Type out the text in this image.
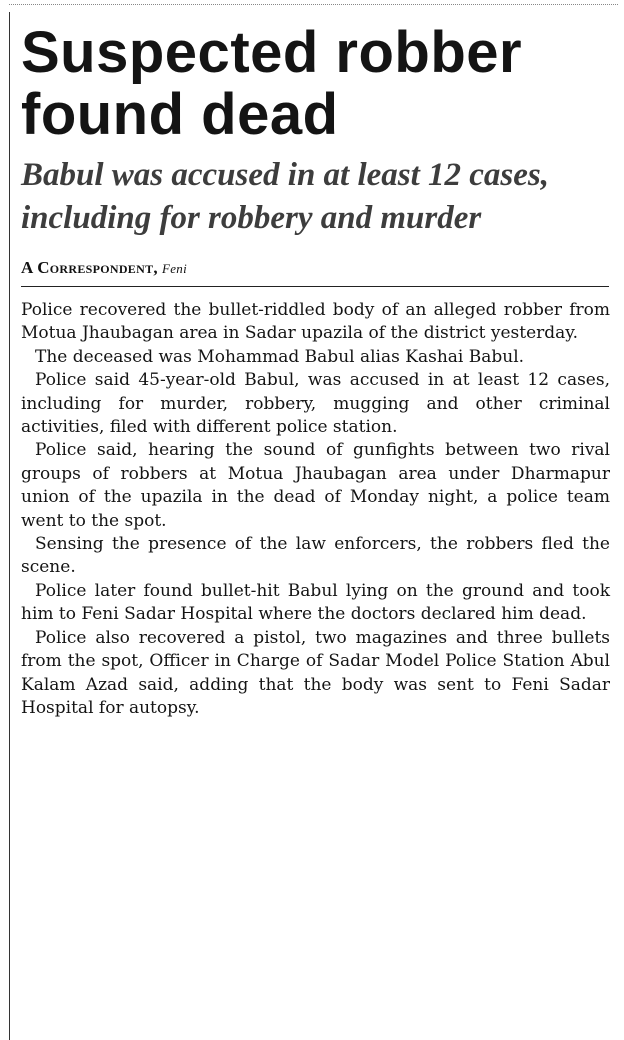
Suspected robber found dead
Babul was accused in at least 12 cases, including for robbery and murder
A Correspondent, Feni

Police recovered the bullet-riddled body of an alleged robber from Motua Jhaubagan area in Sadar upazila of the district yesterday.

The deceased was Mohammad Babul alias Kashai Babul.

Police said 45-year-old Babul, was accused in at least 12 cases, including for murder, robbery, mugging and other criminal activities, filed with different police station.

Police said, hearing the sound of gunfights between two rival groups of robbers at Motua Jhaubagan area under Dharmapur union of the upazila in the dead of Monday night, a police team went to the spot.

Sensing the presence of the law enforcers, the robbers fled the scene.

Police later found bullet-hit Babul lying on the ground and took him to Feni Sadar Hospital where the doctors declared him dead.

Police also recovered a pistol, two magazines and three bullets from the spot, Officer in Charge of Sadar Model Police Station Abul Kalam Azad said, adding that the body was sent to Feni Sadar Hospital for autopsy.
